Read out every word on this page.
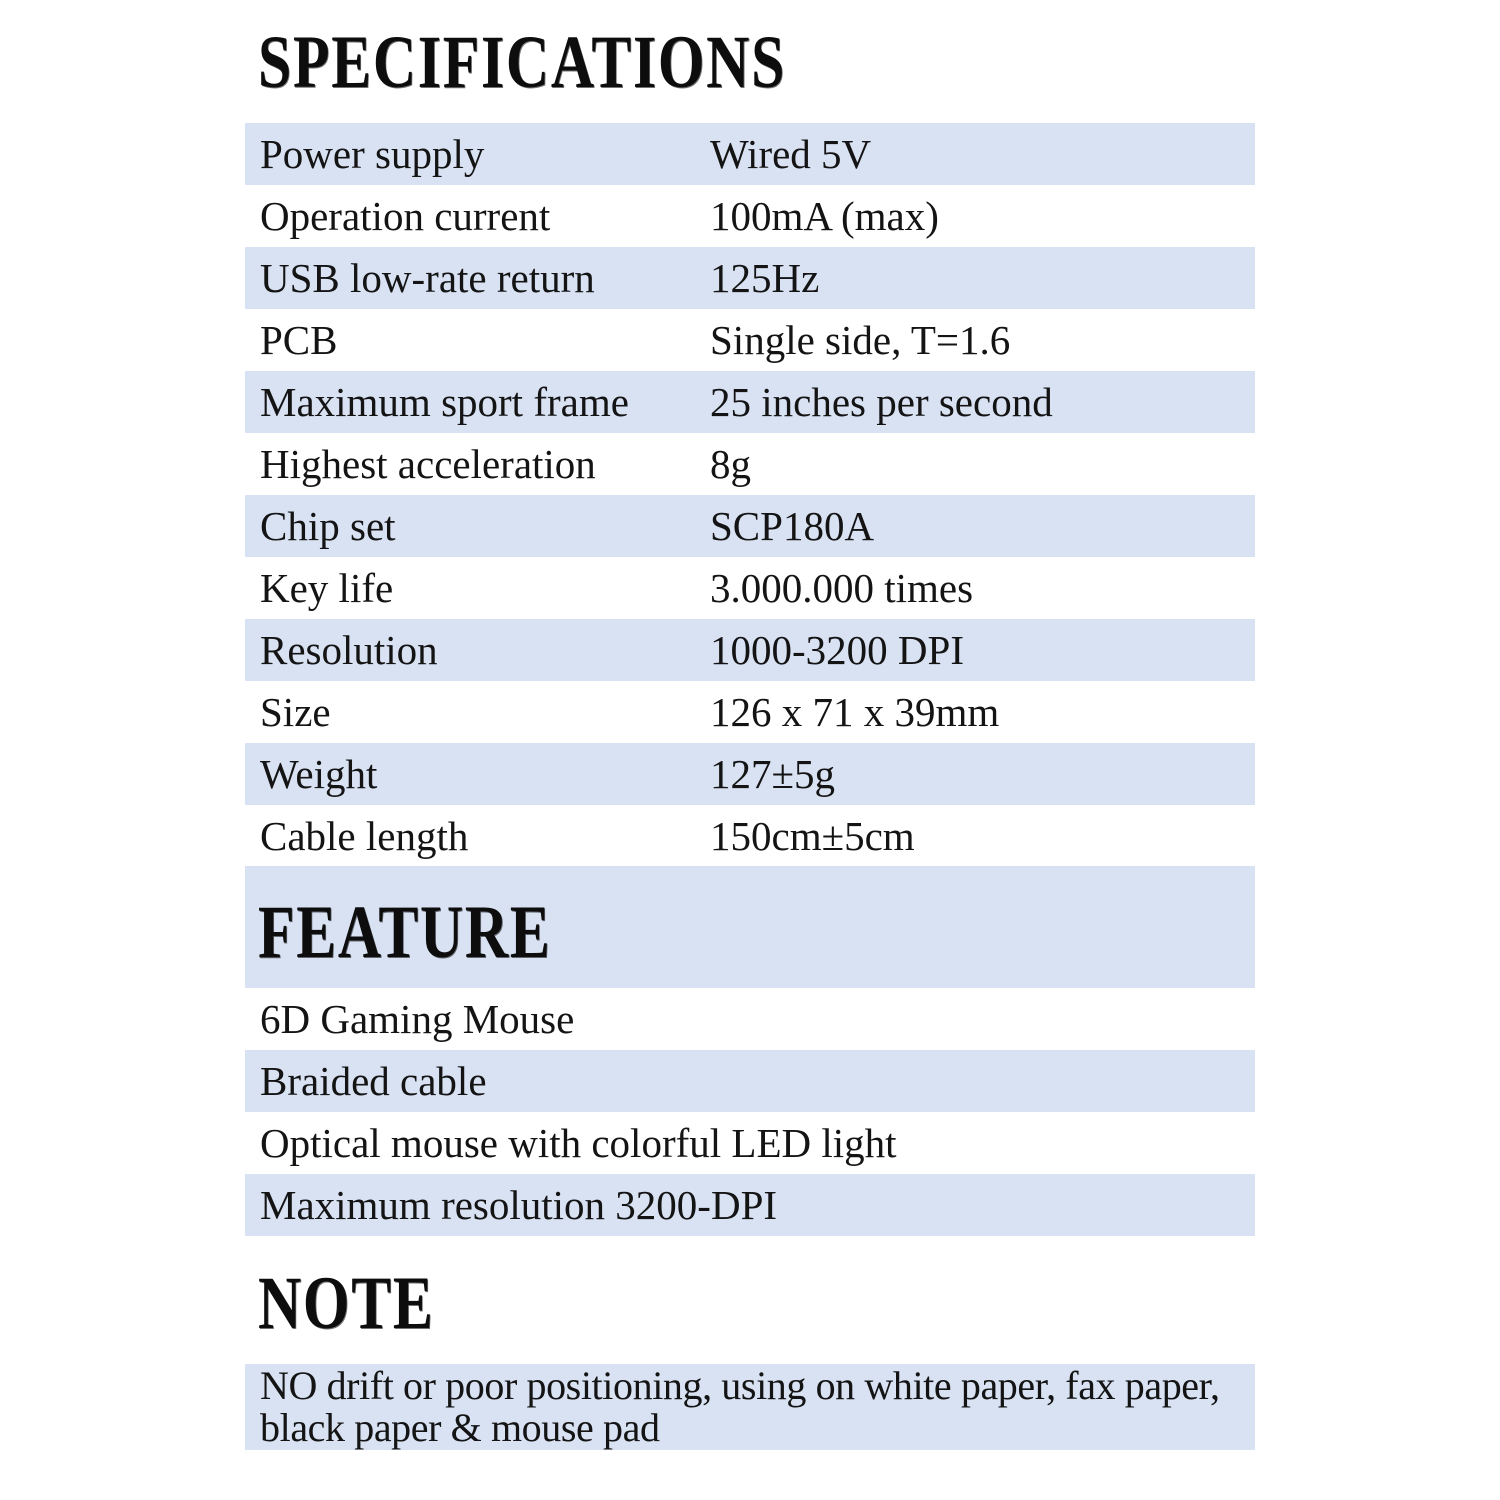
SPECIFICATIONS
Power supply	Wired 5V
Operation current	100mA (max)
USB low-rate return	125Hz
PCB	Single side, T=1.6
Maximum sport frame	25 inches per second
Highest acceleration	8g
Chip set	SCP180A
Key life	3.000.000 times
Resolution	1000-3200 DPI
Size	126 x 71 x 39mm
Weight	127±5g
Cable length	150cm±5cm
FEATURE
6D Gaming Mouse
Braided cable
Optical mouse with colorful LED light
Maximum resolution 3200-DPI
NOTE
NO drift or poor positioning, using on white paper, fax paper,
black paper & mouse pad
